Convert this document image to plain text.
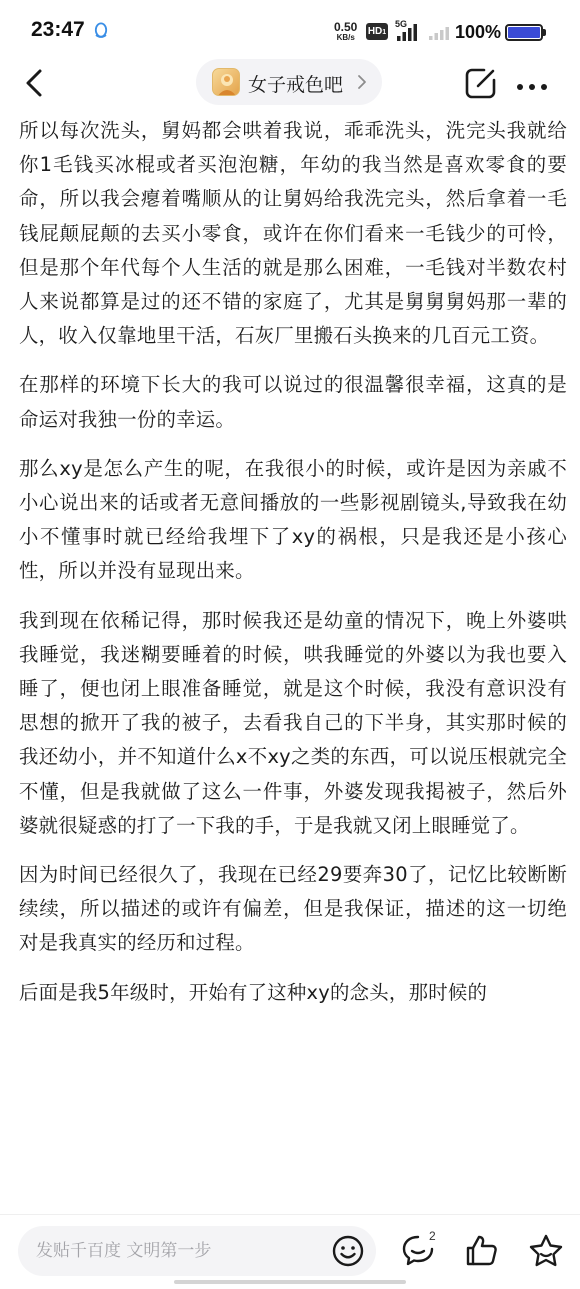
23:47	0.50
KB/s
HD1
5G	100%
女子戒色吧

所以每次洗头，舅妈都会哄着我说，乖乖洗头，洗完头我就给你1毛钱买冰棍或者买泡泡糖，年幼的我当然是喜欢零食的要命，所以我会瘪着嘴顺从的让舅妈给我洗完头，然后拿着一毛钱屁颠屁颠的去买小零食，或许在你们看来一毛钱少的可怜，但是那个年代每个人生活的就是那么困难，一毛钱对半数农村人来说都算是过的还不错的家庭了，尤其是舅舅舅妈那一辈的人，收入仅靠地里干活，石灰厂里搬石头换来的几百元工资。

在那样的环境下长大的我可以说过的很温馨很幸福，这真的是命运对我独一份的幸运。

那么xy是怎么产生的呢，在我很小的时候，或许是因为亲戚不小心说出来的话或者无意间播放的一些影视剧镜头,导致我在幼小不懂事时就已经给我埋下了xy的祸根，只是我还是小孩心性，所以并没有显现出来。

我到现在依稀记得，那时候我还是幼童的情况下，晚上外婆哄我睡觉，我迷糊要睡着的时候，哄我睡觉的外婆以为我也要入睡了，便也闭上眼准备睡觉，就是这个时候，我没有意识没有思想的掀开了我的被子，去看我自己的下半身，其实那时候的我还幼小，并不知道什么x不xy之类的东西，可以说压根就完全不懂，但是我就做了这么一件事，外婆发现我掲被子，然后外婆就很疑惑的打了一下我的手，于是我就又闭上眼睡觉了。

因为时间已经很久了，我现在已经29要奔30了，记忆比较断断续续，所以描述的或许有偏差，但是我保证，描述的这一切绝对是我真实的经历和过程。

后面是我5年级时，开始有了这种xy的念头，那时候的

发贴千百度 文明第一步
2
